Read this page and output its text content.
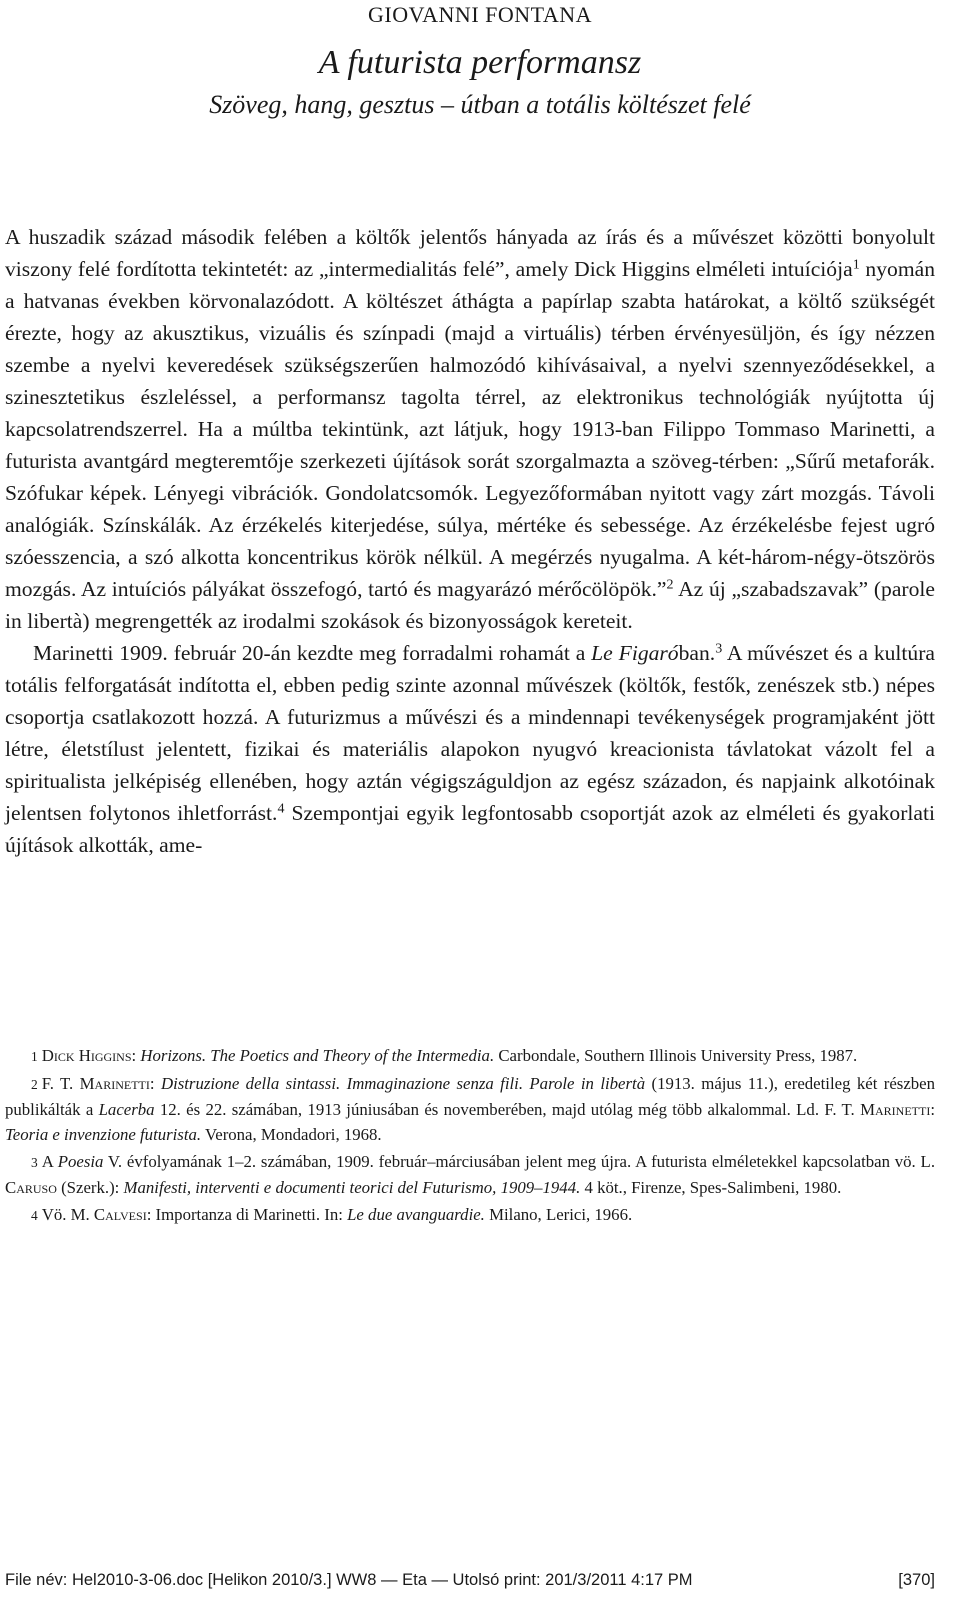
GIOVANNI FONTANA
A futurista performansz
Szöveg, hang, gesztus – útban a totális költészet felé

A huszadik század második felében a költők jelentős hányada az írás és a művészet közötti bonyolult viszony felé fordította tekintetét: az „intermedialitás felé”, amely Dick Higgins elméleti intuíciója$^1$ nyomán a hatvanas években körvonalazódott. A költészet áthágta a papírlap szabta határokat, a költő szükségét érezte, hogy az akusztikus, vizuális és színpadi (majd a virtuális) térben érvényesüljön, és így nézzen szembe a nyelvi keveredések szükségszerűen halmozódó kihívásaival, a nyelvi szennyeződésekkel, a szinesztetikus észleléssel, a performansz tagolta térrel, az elektronikus technológiák nyújtotta új kapcsolatrendszerrel. Ha a múltba tekintünk, azt látjuk, hogy 1913-ban Filippo Tommaso Marinetti, a futurista avantgárd megteremtője szerkezeti újítások sorát szorgalmazta a szöveg-térben: „Sűrű metaforák. Szófukar képek. Lényegi vibrációk. Gondolatcsomók. Legyezőformában nyitott vagy zárt mozgás. Távoli analógiák. Színskálák. Az érzékelés kiterjedése, súlya, mértéke és sebessége. Az érzékelésbe fejest ugró szóesszencia, a szó alkotta koncentrikus körök nélkül. A megérzés nyugalma. A két-három-négy-ötszörös mozgás. Az intuíciós pályákat összefogó, tartó és magyarázó mérőcölöpök.”$^2$ Az új „szabadszavak” (parole in libertà) megrengették az irodalmi szokások és bizonyosságok kereteit.

Marinetti 1909. február 20-án kezdte meg forradalmi rohamát a Le Figaróban.$^3$ A művészet és a kultúra totális felforgatását indította el, ebben pedig szinte azonnal művészek (költők, festők, zenészek stb.) népes csoportja csatlakozott hozzá. A futurizmus a művészi és a mindennapi tevékenységek programjaként jött létre, életstílust jelentett, fizikai és materiális alapokon nyugvó kreacionista távlatokat vázolt fel a spiritualista jelképiség ellenében, hogy aztán végigszáguldjon az egész századon, és napjaink alkotóinak jelentsen folytonos ihletforrást.$^4$ Szempontjai egyik legfontosabb csoportját azok az elméleti és gyakorlati újítások alkották, ame-

1 Dick Higgins: Horizons. The Poetics and Theory of the Intermedia. Carbondale, Southern Illinois University Press, 1987.

2 F. T. Marinetti: Distruzione della sintassi. Immaginazione senza fili. Parole in libertà (1913. május 11.), eredetileg két részben publikálták a Lacerba 12. és 22. számában, 1913 júniusában és novemberében, majd utólag még több alkalommal. Ld. F. T. Marinetti: Teoria e invenzione futurista. Verona, Mondadori, 1968.

3 A Poesia V. évfolyamának 1–2. számában, 1909. február–márciusában jelent meg újra. A futurista elméletekkel kapcsolatban vö. L. Caruso (Szerk.): Manifesti, interventi e documenti teorici del Futurismo, 1909–1944. 4 köt., Firenze, Spes-Salimbeni, 1980.

4 Vö. M. Calvesi: Importanza di Marinetti. In: Le due avanguardie. Milano, Lerici, 1966.

File név: Hel2010-3-06.doc [Helikon 2010/3.] WW8 — Eta — Utolsó print: 201/3/2011 4:17 PM	[370]
